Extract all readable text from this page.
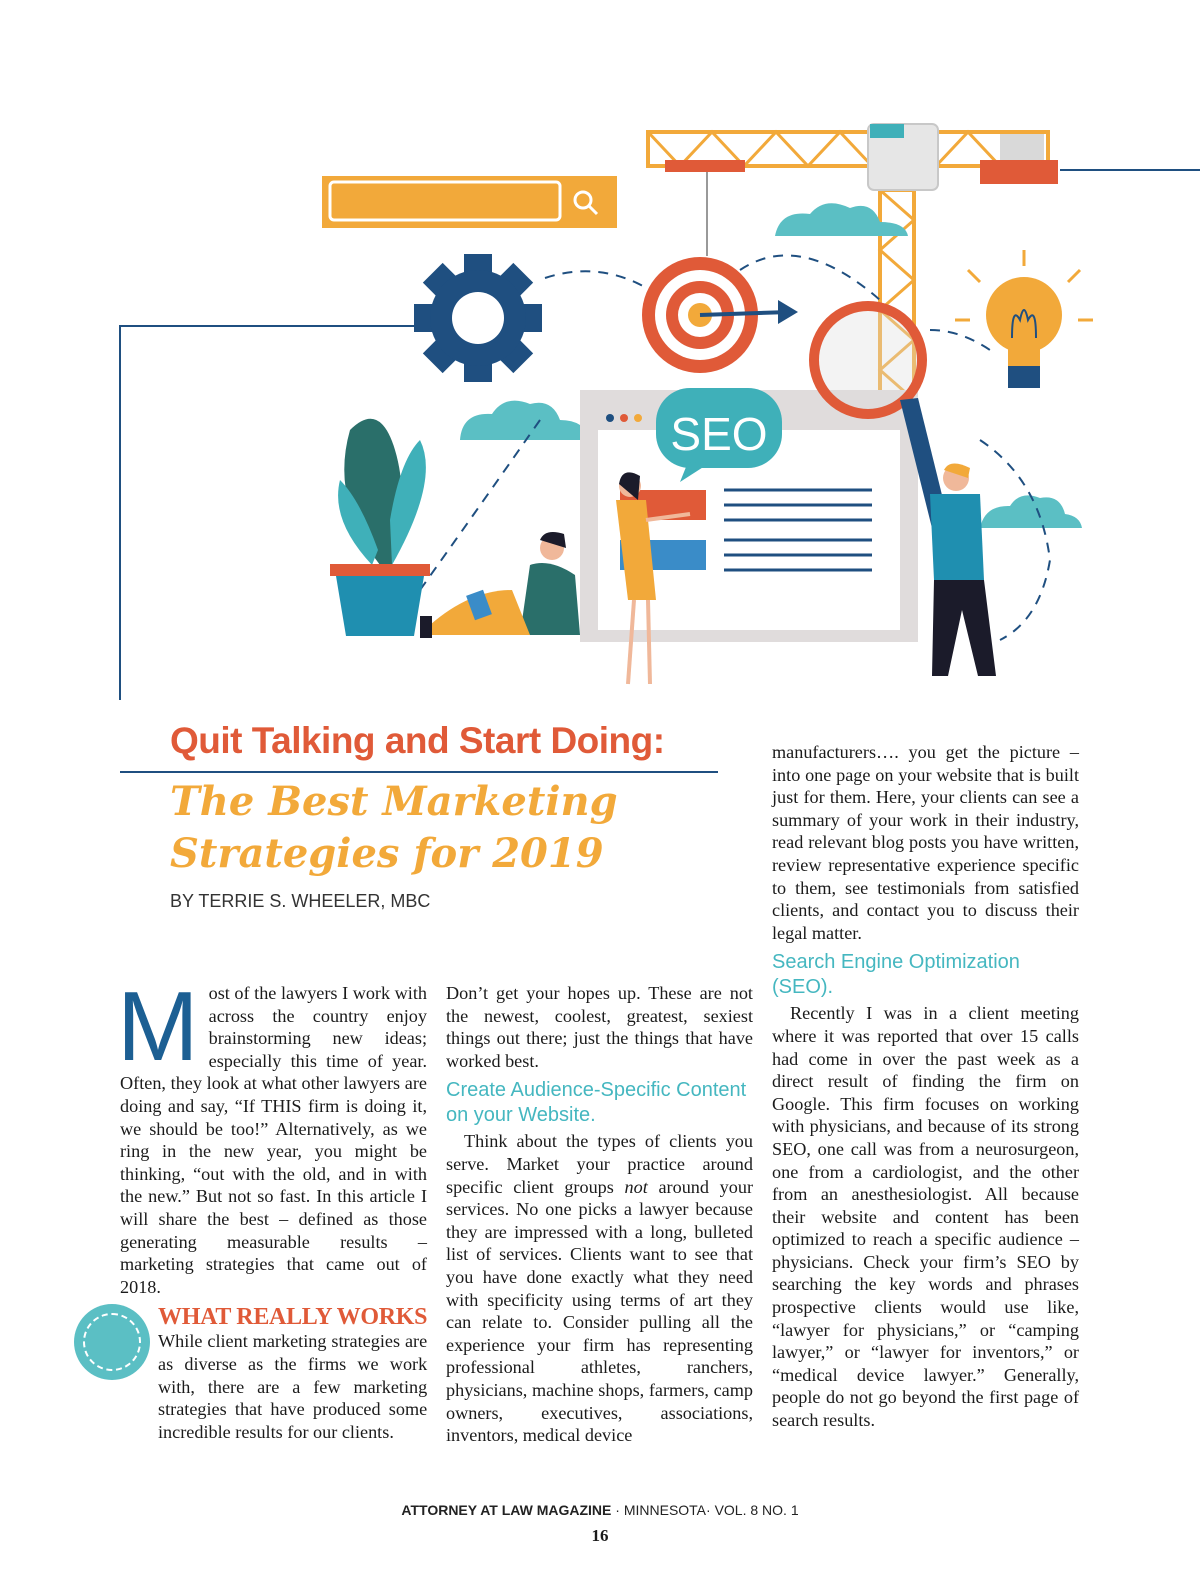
SEO
Quit Talking and Start Doing:
The Best Marketing
Strategies for 2019
BY TERRIE S. WHEELER, MBC

Most of the lawyers I work with across the country enjoy brainstorming new ideas; especially this time of year. Often, they look at what other lawyers are doing and say, “If THIS firm is doing it, we should be too!” Alternatively, as we ring in the new year, you might be thinking, “out with the old, and in with the new.” But not so fast. In this article I will share the best – defined as those generating measurable results – marketing strategies that came out of 2018.

WHAT REALLY WORKS

While client marketing strategies are as diverse as the firms we work with, there are a few marketing strategies that have produced some incredible results for our clients.

Don’t get your hopes up. These are not the newest, coolest, greatest, sexiest things out there; just the things that have worked best.

Create Audience-Specific Content on your Website.

Think about the types of clients you serve. Market your practice around specific client groups not around your services. No one picks a lawyer because they are impressed with a long, bulleted list of services. Clients want to see that you have done exactly what they need with specificity using terms of art they can relate to. Consider pulling all the experience your firm has representing professional athletes, ranchers, physicians, machine shops, farmers, camp owners, executives, associations, inventors, medical device

manufacturers…. you get the picture – into one page on your website that is built just for them. Here, your clients can see a summary of your work in their industry, read relevant blog posts you have written, review representative experience specific to them, see testimonials from satisfied clients, and contact you to discuss their legal matter.

Search Engine Optimization (SEO).

Recently I was in a client meeting where it was reported that over 15 calls had come in over the past week as a direct result of finding the firm on Google. This firm focuses on working with physicians, and because of its strong SEO, one call was from a neurosurgeon, one from a cardiologist, and the other from an anesthesiologist. All because their website and content has been optimized to reach a specific audience – physicians. Check your firm’s SEO by searching the key words and phrases prospective clients would use like, “lawyer for physicians,” or “camping lawyer,” or “lawyer for inventors,” or “medical device lawyer.” Generally, people do not go beyond the first page of search results.

ATTORNEY AT LAW MAGAZINE · MINNESOTA· VOL. 8 NO. 1
16
